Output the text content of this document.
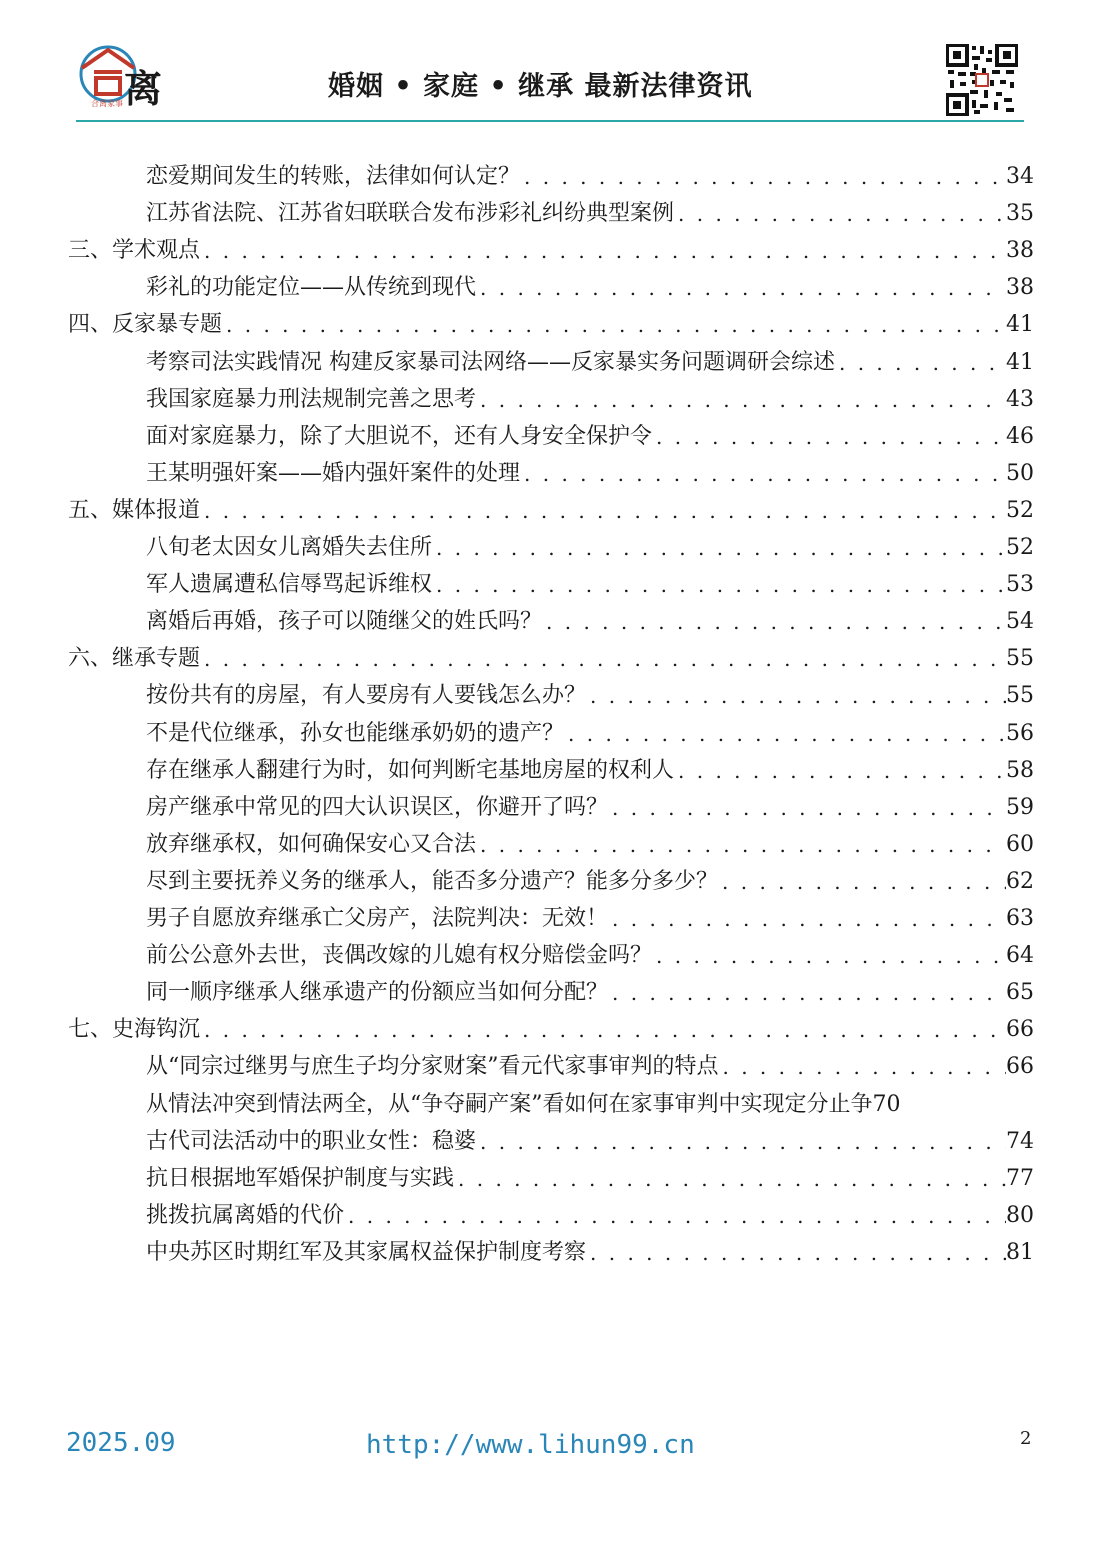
离
合离家事
婚姻 • 家庭 • 继承 最新法律资讯
恋爱期间发生的转账，法律如何认定？ . . .	34
江苏省法院、江苏省妇联联合发布涉彩礼纠纷典型案例 . . .	35
三、学术观点 . . .	38
彩礼的功能定位——从传统到现代 . . .	38
四、反家暴专题 . . .	41
考察司法实践情况 构建反家暴司法网络——反家暴实务问题调研会综述 . . .	41
我国家庭暴力刑法规制完善之思考 . . .	43
面对家庭暴力，除了大胆说不，还有人身安全保护令 . . .	46
王某明强奸案——婚内强奸案件的处理 . . .	50
五、媒体报道 . . .	52
八旬老太因女儿离婚失去住所 . . .	52
军人遗属遭私信辱骂起诉维权 . . .	53
离婚后再婚，孩子可以随继父的姓氏吗？ . . .	54
六、继承专题 . . .	55
按份共有的房屋，有人要房有人要钱怎么办？ . . .	55
不是代位继承，孙女也能继承奶奶的遗产？ . . .	56
存在继承人翻建行为时，如何判断宅基地房屋的权利人 . . .	58
房产继承中常见的四大认识误区，你避开了吗？ . . .	59
放弃继承权，如何确保安心又合法 . . .	60
尽到主要抚养义务的继承人，能否多分遗产？能多分多少？ . . .	62
男子自愿放弃继承亡父房产，法院判决：无效！ . . .	63
前公公意外去世，丧偶改嫁的儿媳有权分赔偿金吗？ . . .	64
同一顺序继承人继承遗产的份额应当如何分配？ . . .	65
七、史海钩沉 . . .	66
从“同宗过继男与庶生子均分家财案”看元代家事审判的特点 . . .	66
从情法冲突到情法两全，从“争夺嗣产案”看如何在家事审判中实现定分止争 70
古代司法活动中的职业女性：稳婆 . . .	74
抗日根据地军婚保护制度与实践 . . .	77
挑拨抗属离婚的代价 . . .	80
中央苏区时期红军及其家属权益保护制度考察 . . .	81
2025.09	http://www.lihun99.cn	2
